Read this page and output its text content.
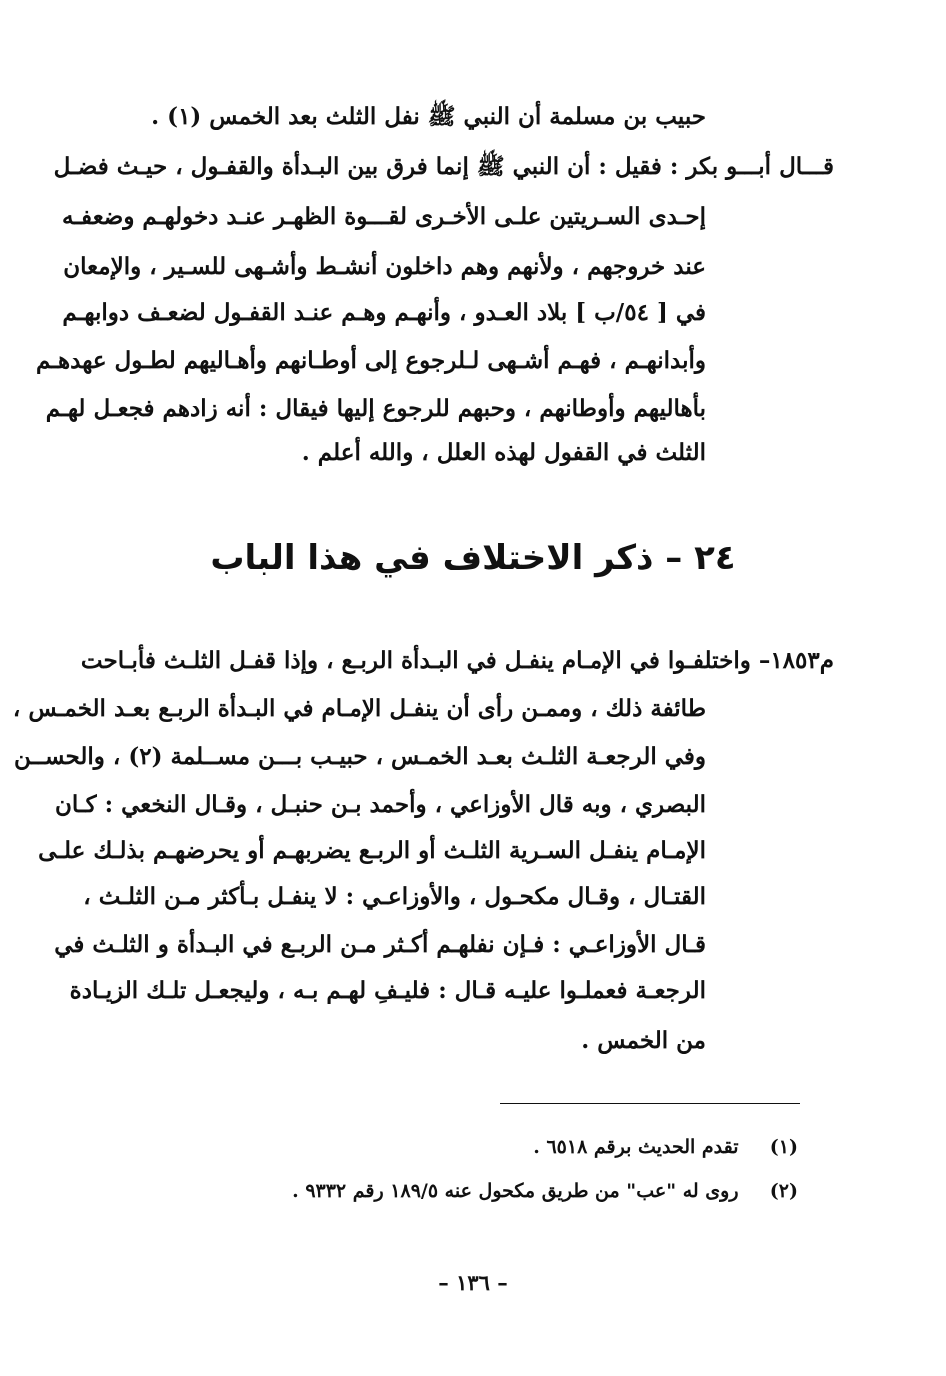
حبيب بن مسلمة أن النبي ﷺ نفل الثلث بعد الخمس (١) .
قـــال أبـــو بكر : فقيل : أن النبي ﷺ إنما فرق بين البـدأة والقفـول ، حيـث فضـل
إحـدى السـريتين علـى الأخـرى لقـــوة الظهـر عنـد دخولهـم وضعفـه
عند خروجهم ، ولأنهم وهم داخلون أنشـط وأشـهى للسـير ، والإمعان
في [ ٥٤/ب ] بلاد العـدو ، وأنهـم وهـم عنـد القفـول لضعـف دوابهـم
وأبدانهـم ، فهـم أشـهى لـلرجوع إلى أوطـانهم وأهـاليهم لطـول عهدهـم
بأهاليهم وأوطانهم ، وحبهم للرجوع إليها فيقال : أنه زادهم فجعـل لهـم
الثلث في القفول لهذه العلل ، والله أعلم .
٢٤ – ذكر الاختلاف في هذا الباب
م١٨٥٣– واختلفـوا في الإمـام ينفـل في البـدأة الربـع ، وإذا قفـل الثلـث فأبـاحت
طائفة ذلك ، وممـن رأى أن ينفـل الإمـام في البـدأة الربـع بعـد الخمـس ،
وفي الرجعـة الثلـث بعـد الخمـس ، حبيـب بـــن مســلمة (٢) ، والحســن
البصري ، وبه قال الأوزاعي ، وأحمد بـن حنبـل ، وقـال النخعي : كـان
الإمـام ينفـل السـرية الثلـث أو الربـع يضربهـم أو يحرضهـم بذلـك علـى
القتـال ، وقـال مكحـول ، والأوزاعـي : لا ينفـل بـأكثر مـن الثلـث ،
قـال الأوزاعـي : فـإن نفلهـم أكـثر مـن الربـع في البـدأة و الثلـث في
الرجعـة فعملـوا عليـه قـال : فليـفِ لهـم بـه ، وليجعـل تلـك الزيـادة
من الخمس .
(١)  تقدم الحديث برقم ٦٥١٨ .
(٢)  روى له "عب" من طريق مكحول عنه ١٨٩/٥ رقم ٩٣٣٢ .
– ١٣٦ –
